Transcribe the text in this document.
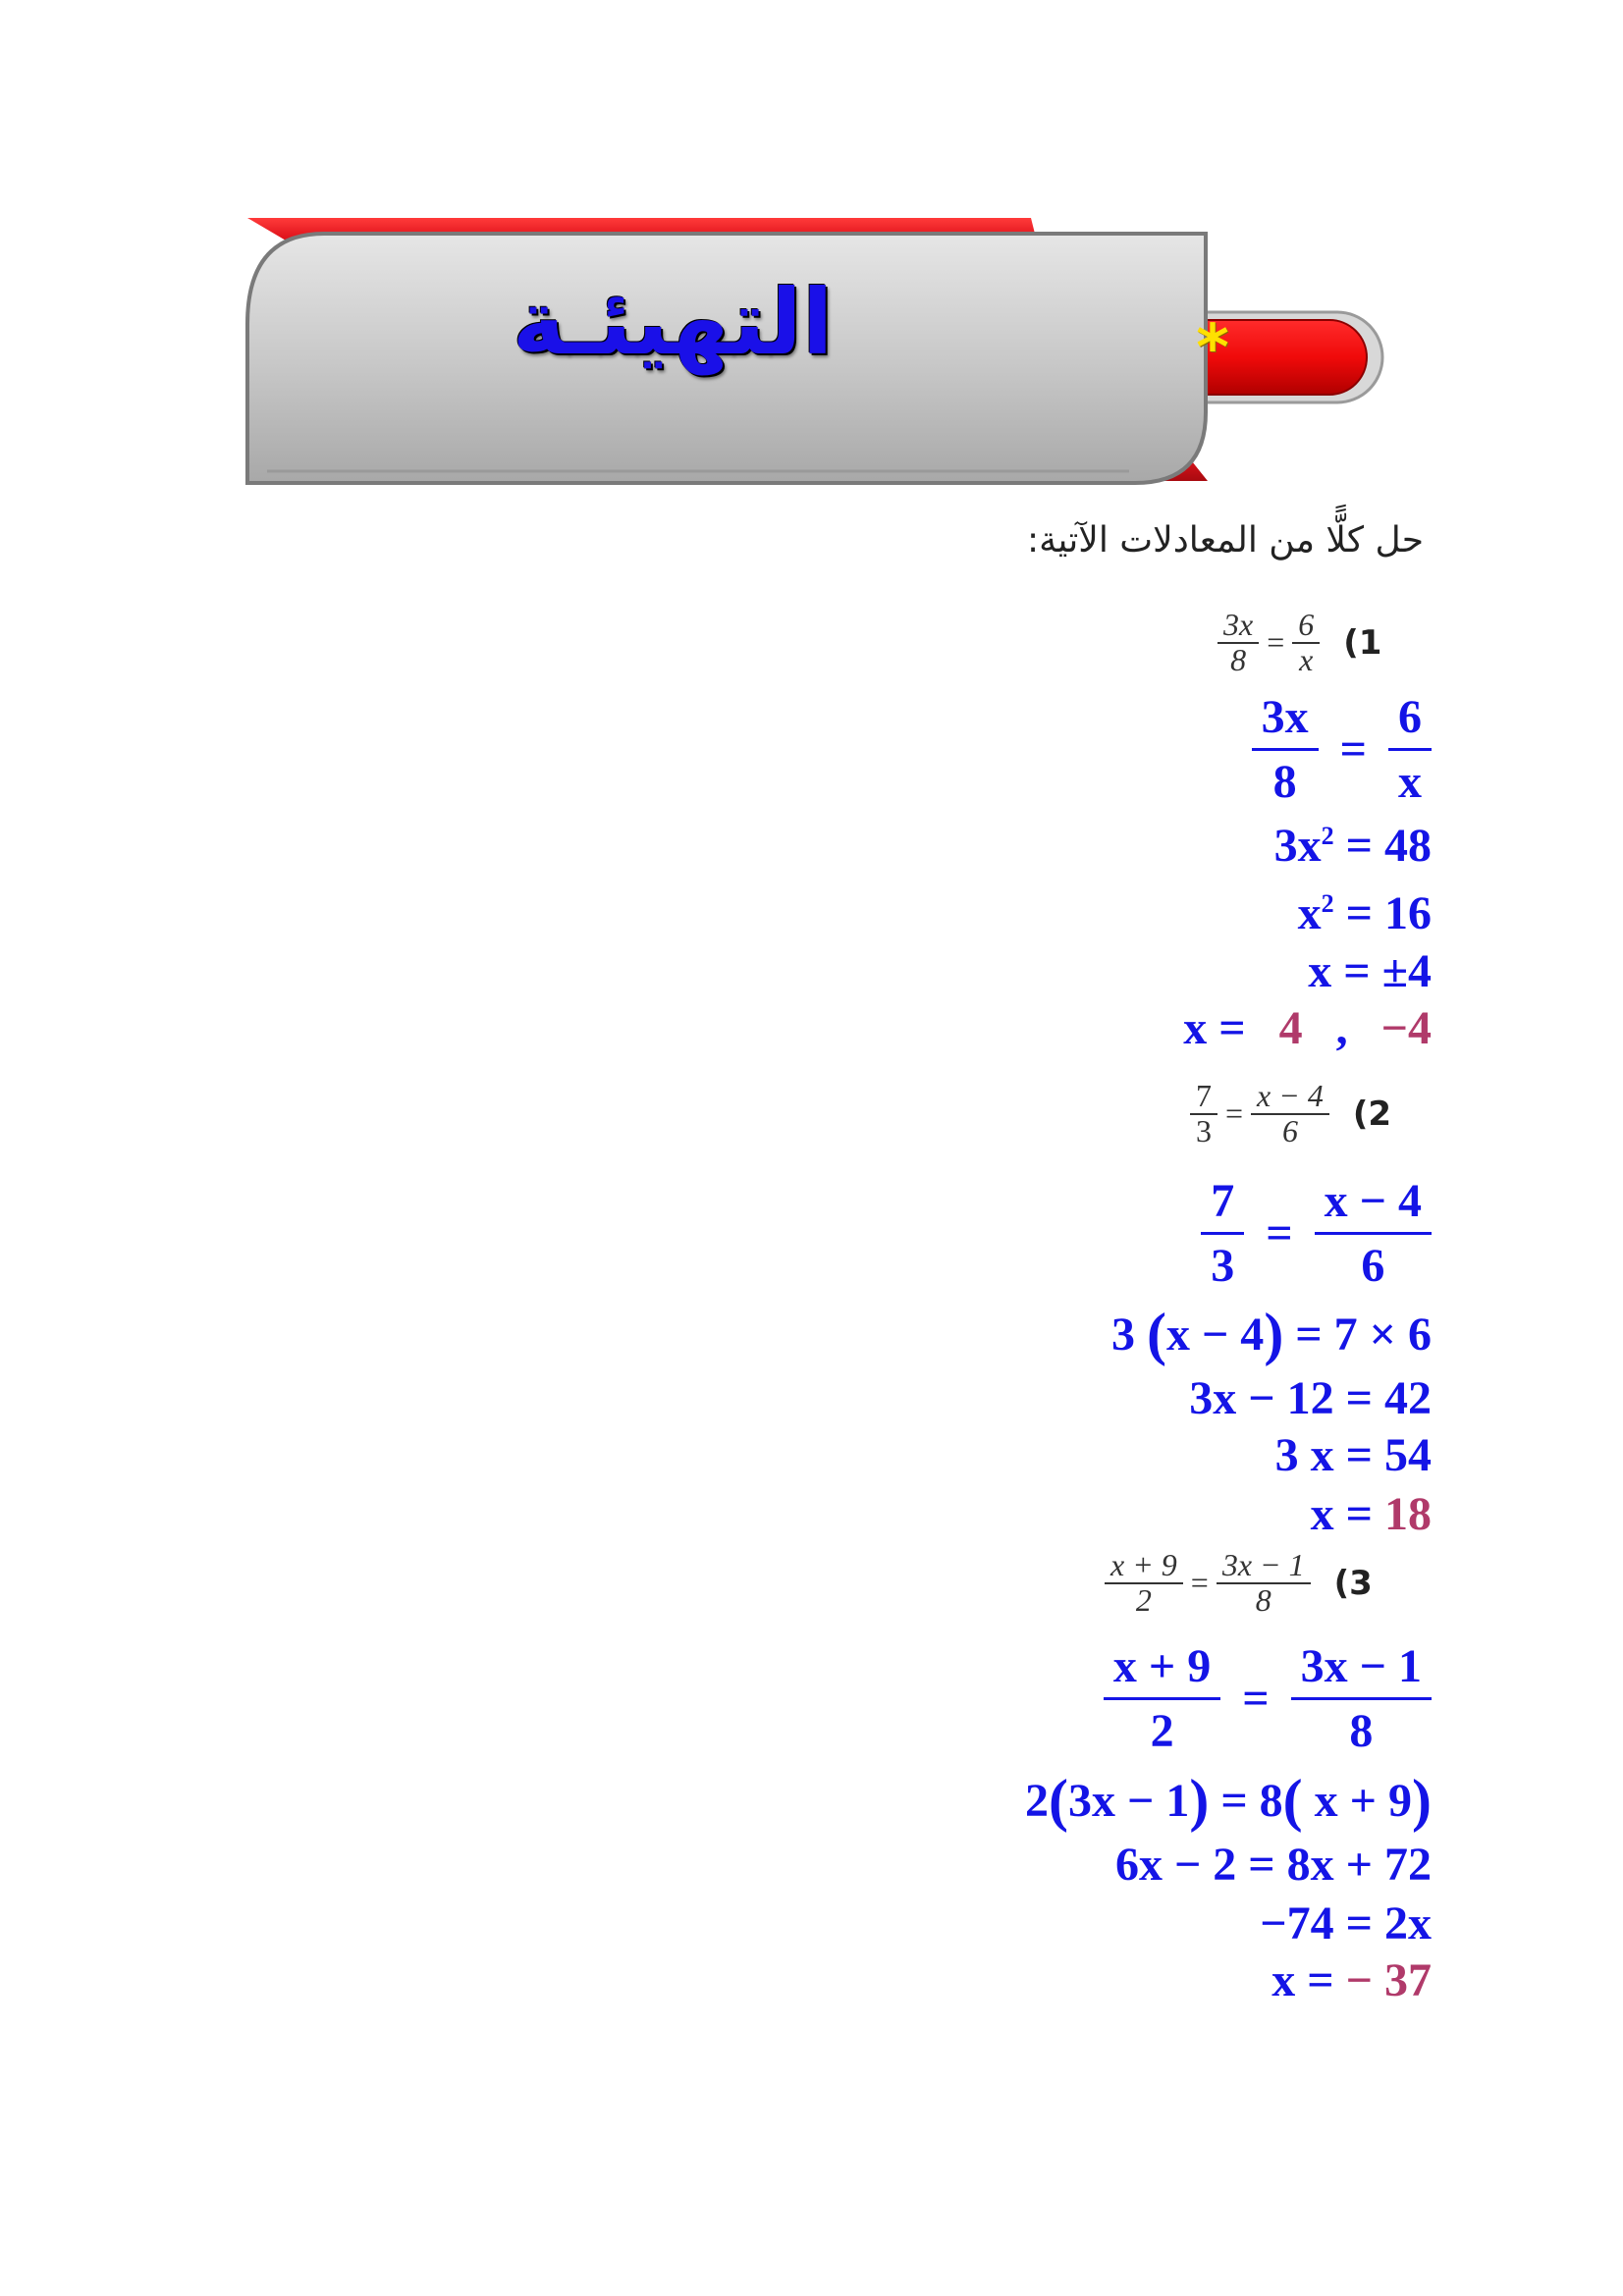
التهيئـة	*
حل كلًّا من المعادلات الآتية:
$\frac{3x}{8} = \frac{6}{x} (1$
$\frac{3x}{8} = \frac{6}{x}$
$3x^2 = 48$
$x^2 = 16$
x = ±4
x = 4 , −4
$\frac{7}{3} = \frac{x - 4}{6} (2$
$\frac{7}{3} = \frac{x - 4}{6}$
3 (x − 4) = 7 × 6
3x − 12 = 42
3 x = 54
x = 18
$\frac{x + 9}{2} = \frac{3x - 1}{8} (3$
$\frac{x + 9}{2} = \frac{3x - 1}{8}$
2(3x − 1) = 8( x + 9)
6x − 2 = 8x + 72
−74 = 2x
x = − 37
